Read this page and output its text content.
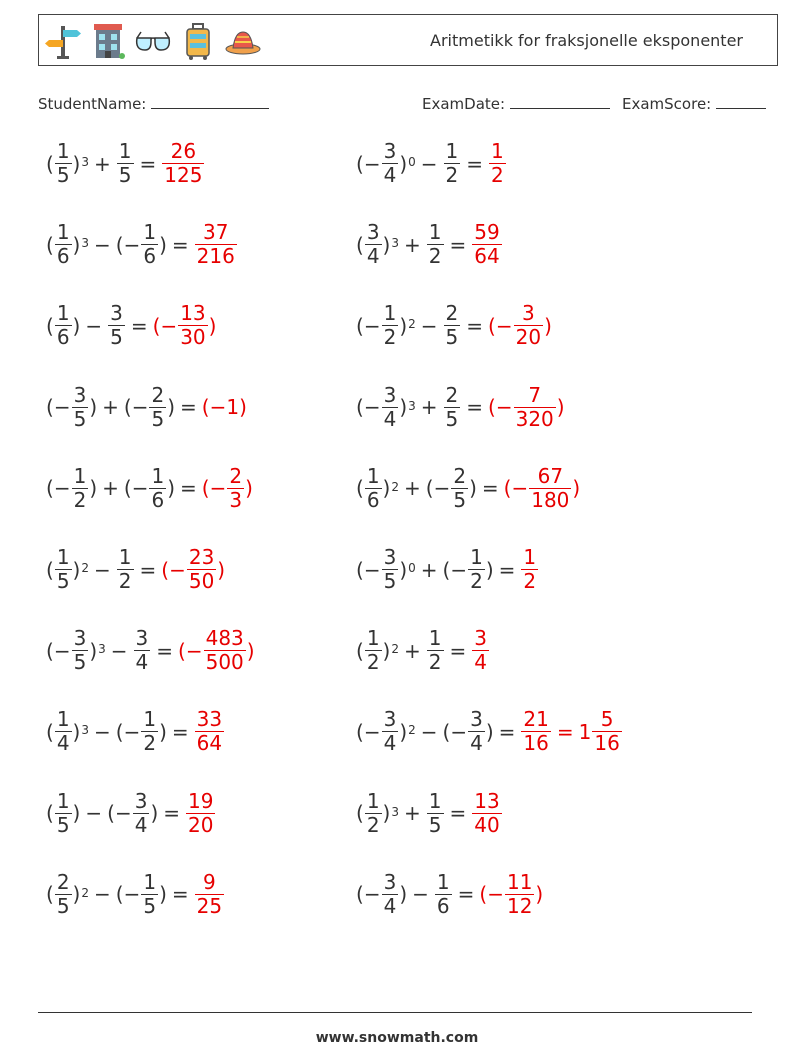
Aritmetikk for fraksjonelle eksponenter
StudentName:	ExamDate:	ExamScore:
( $\frac{1}{5}$ ) $3 + \frac{1}{5} = \frac{26}{125}$	( − $\frac{3}{4}$ ) $0 - \frac{1}{2} = \frac{1}{2}$
( $\frac{1}{6}$ ) 3 − ( − $\frac{1}{6}$ ) = $\frac{37}{216}$	( $\frac{3}{4}$ ) $3 + \frac{1}{2} = \frac{59}{64}$
( $\frac{1}{6}$ ) − $\frac{3}{5}$ = ( − $\frac{13}{30}$ )	( − $\frac{1}{2}$ ) $2 - \frac{2}{5}$ = ( − $\frac{3}{20}$ )
( − $\frac{3}{5}$ ) + ( − $\frac{2}{5}$ ) = (−1)	( − $\frac{3}{4}$ ) $3 + \frac{2}{5}$ = ( − $\frac{7}{320}$ )
( − $\frac{1}{2}$ ) + ( − $\frac{1}{6}$ ) = ( − $\frac{2}{3}$ )	( $\frac{1}{6}$ ) 2 + ( − $\frac{2}{5}$ ) = ( − $\frac{67}{180}$ )
( $\frac{1}{5}$ ) $2 - \frac{1}{2}$ = ( − $\frac{23}{50}$ )	( − $\frac{3}{5}$ ) 0 + ( − $\frac{1}{2}$ ) = $\frac{1}{2}$
( − $\frac{3}{5}$ ) $3 - \frac{3}{4}$ = ( − $\frac{483}{500}$ )	( $\frac{1}{2}$ ) $2 + \frac{1}{2} = \frac{3}{4}$
( $\frac{1}{4}$ ) 3 − ( − $\frac{1}{2}$ ) = $\frac{33}{64}$	( − $\frac{3}{4}$ ) 2 − ( − $\frac{3}{4}$ ) = $\frac{21}{16} = 1 \frac{5}{16}$
( $\frac{1}{5}$ ) − ( − $\frac{3}{4}$ ) = $\frac{19}{20}$	( $\frac{1}{2}$ ) $3 + \frac{1}{5} = \frac{13}{40}$
( $\frac{2}{5}$ ) 2 − ( − $\frac{1}{5}$ ) = $\frac{9}{25}$	( − $\frac{3}{4}$ ) − $\frac{1}{6}$ = ( − $\frac{11}{12}$ )
www.snowmath.com
